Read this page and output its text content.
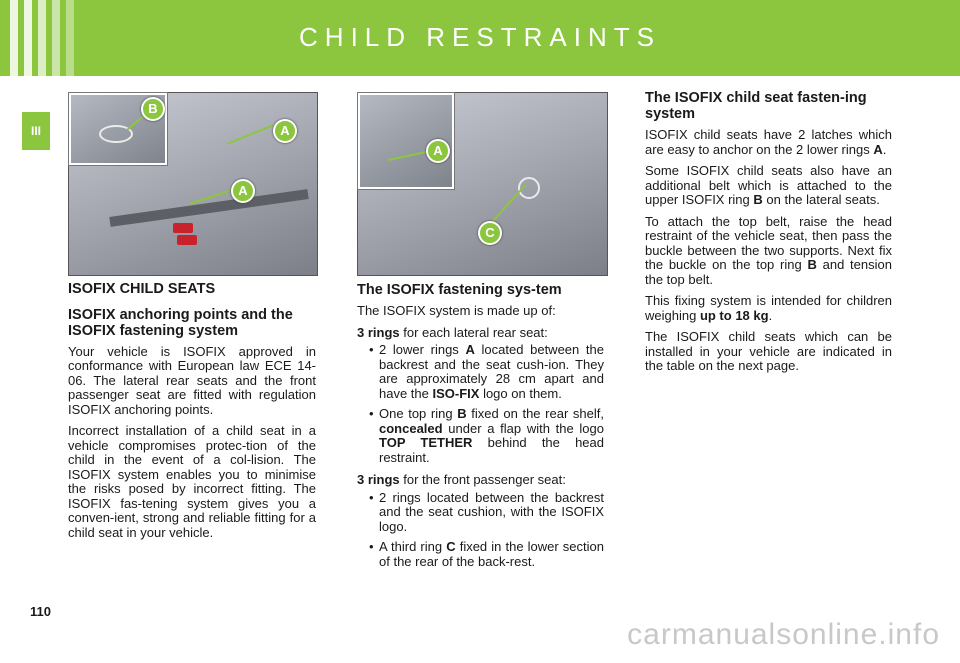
CHILD RESTRAINTS
III
B
A
A
A
C
ISOFIX CHILD SEATS
ISOFIX anchoring points and the ISOFIX fastening system

Your vehicle is ISOFIX approved in conformance with European law ECE 14-06. The lateral rear seats and the front passenger seat are fitted with regulation ISOFIX anchoring points.

Incorrect installation of a child seat in a vehicle compromises protec-tion of the child in the event of a col-lision. The ISOFIX system enables you to minimise the risks posed by incorrect fitting. The ISOFIX fas-tening system gives you a conven-ient, strong and reliable fitting for a child seat in your vehicle.

The ISOFIX fastening sys-tem

The ISOFIX system is made up of:

3 rings for each lateral rear seat:

• 2 lower rings A located between the backrest and the seat cush-ion. They are approximately 28 cm apart and have the ISO-FIX logo on them.
• One top ring B fixed on the rear shelf, concealed under a flap with the logo TOP TETHER behind the head restraint.

3 rings for the front passenger seat:

• 2 rings located between the backrest and the seat cushion, with the ISOFIX logo.
• A third ring C fixed in the lower section of the rear of the back-rest.
The ISOFIX child seat fasten-ing system

ISOFIX child seats have 2 latches which are easy to anchor on the 2 lower rings A.

Some ISOFIX child seats also have an additional belt which is attached to the upper ISOFIX ring B on the lateral seats.

To attach the top belt, raise the head restraint of the vehicle seat, then pass the buckle between the two supports. Next fix the buckle on the top ring B and tension the top belt.

This fixing system is intended for children weighing up to 18 kg.

The ISOFIX child seats which can be installed in your vehicle are indicated in the table on the next page.

110
carmanualsonline.info
